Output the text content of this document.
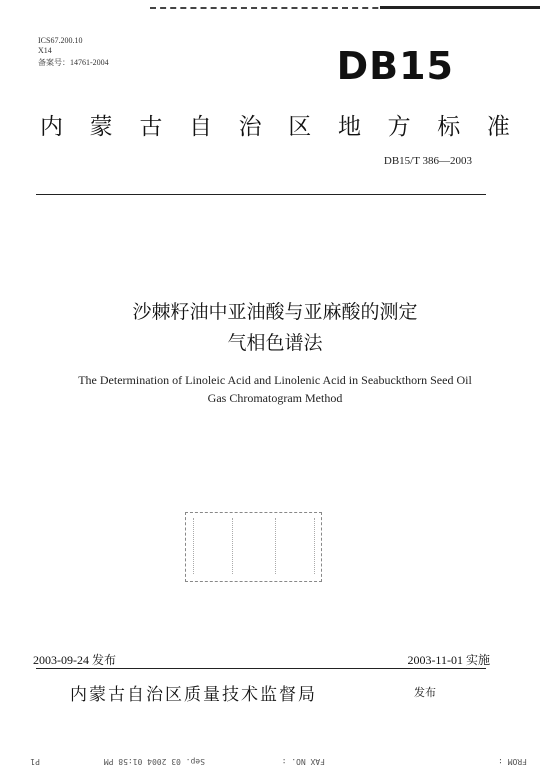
ICS67.200.10
X14
备案号：14761-2004	DB15
内 蒙 古 自 治 区 地 方 标 准
DB15/T 386—2003
沙棘籽油中亚油酸与亚麻酸的测定
气相色谱法
The Determination of Linoleic Acid and Linolenic Acid in Seabuckthorn Seed Oil
Gas Chromatogram Method
2003-09-24 发布	2003-11-01 实施
内蒙古自治区质量技术监督局	发布
FROM :
FAX NO. :
Sep. 03 2004 01:58 PM
P1
